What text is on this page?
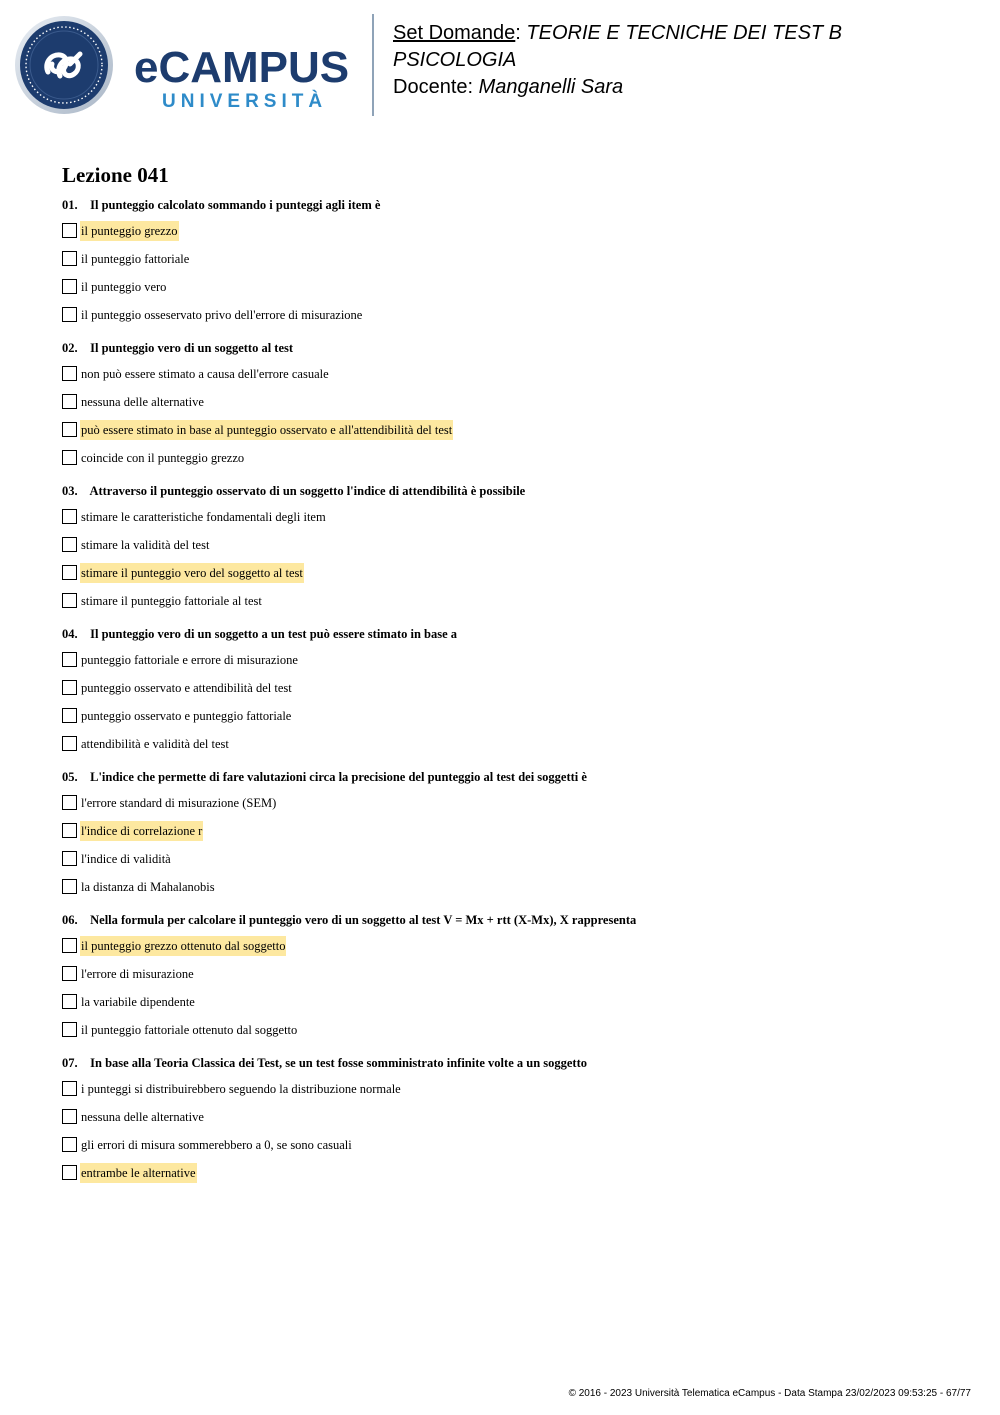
eCAMPUS
UNIVERSITÀ
Set Domande: TEORIE E TECNICHE DEI TEST B
PSICOLOGIA
Docente: Manganelli Sara
Lezione 041
01. Il punteggio calcolato sommando i punteggi agli item è
il punteggio grezzo
il punteggio fattoriale
il punteggio vero
il punteggio osseservato privo dell'errore di misurazione
02. Il punteggio vero di un soggetto al test
non può essere stimato a causa dell'errore casuale
nessuna delle alternative
può essere stimato in base al punteggio osservato e all'attendibilità del test
coincide con il punteggio grezzo
03. Attraverso il punteggio osservato di un soggetto l'indice di attendibilità è possibile
stimare le caratteristiche fondamentali degli item
stimare la validità del test
stimare il punteggio vero del soggetto al test
stimare il punteggio fattoriale al test
04. Il punteggio vero di un soggetto a un test può essere stimato in base a
punteggio fattoriale e errore di misurazione
punteggio osservato e attendibilità del test
punteggio osservato e punteggio fattoriale
attendibilità e validità del test
05. L'indice che permette di fare valutazioni circa la precisione del punteggio al test dei soggetti è
l'errore standard di misurazione (SEM)
l'indice di correlazione r
l'indice di validità
la distanza di Mahalanobis
06. Nella formula per calcolare il punteggio vero di un soggetto al test V = Mx + rtt (X-Mx), X rappresenta
il punteggio grezzo ottenuto dal soggetto
l'errore di misurazione
la variabile dipendente
il punteggio fattoriale ottenuto dal soggetto
07. In base alla Teoria Classica dei Test, se un test fosse somministrato infinite volte a un soggetto
i punteggi si distribuirebbero seguendo la distribuzione normale
nessuna delle alternative
gli errori di misura sommerebbero a 0, se sono casuali
entrambe le alternative
© 2016 - 2023 Università Telematica eCampus - Data Stampa 23/02/2023 09:53:25 - 67/77
